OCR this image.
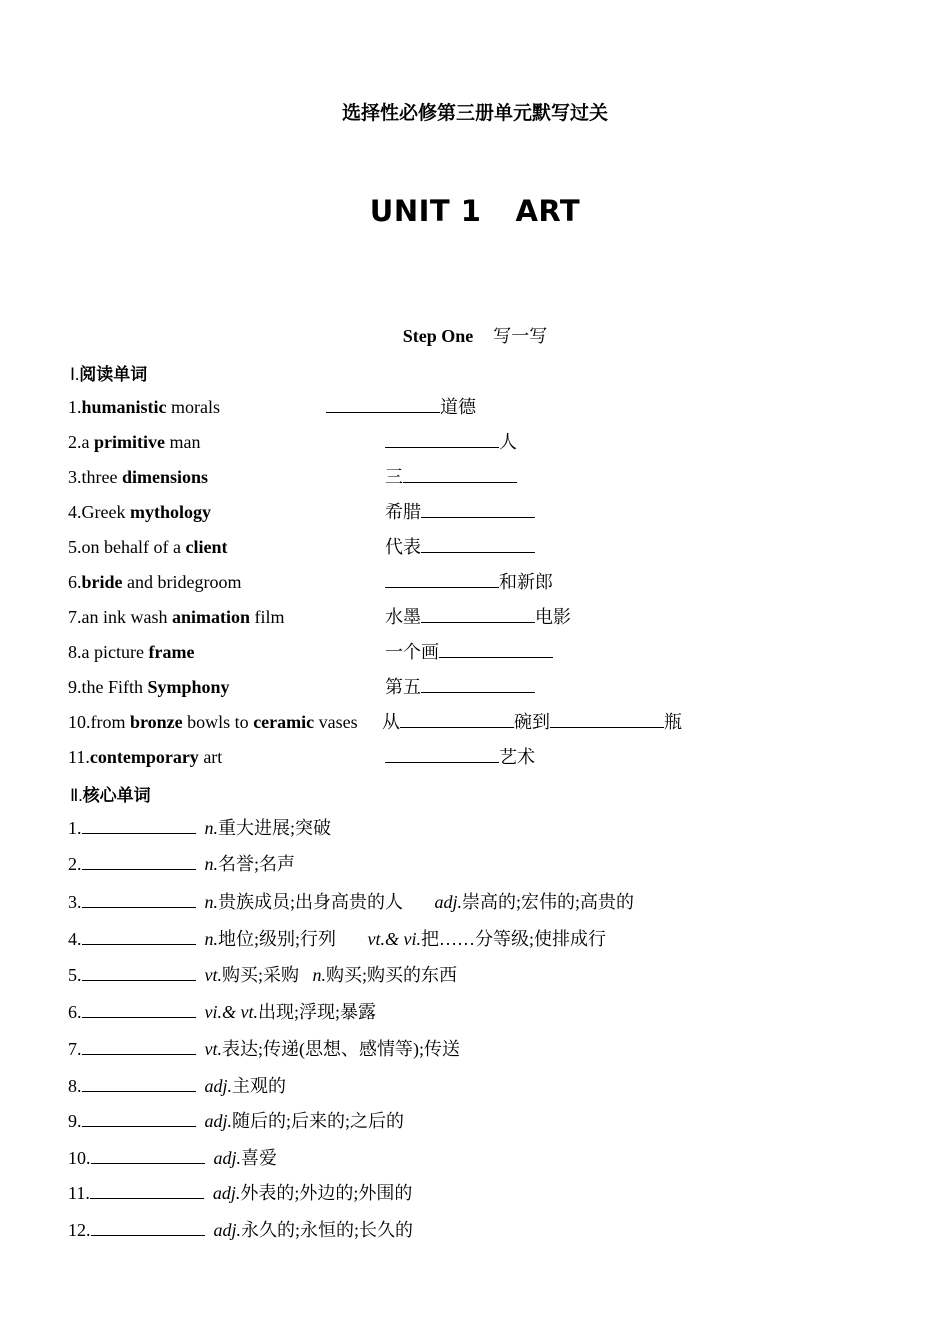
选择性必修第三册单元默写过关
UNIT 1 ART
Step One 写一写
Ⅰ.阅读单词
1.humanistic morals	道德
2.a primitive man	人
3.three dimensions	三
4.Greek mythology	希腊
5.on behalf of a client	代表
6.bride and bridegroom	和新郎
7.an ink wash animation film	水墨	电影
8.a picture frame	一个画
9.the Fifth Symphony	第五
10.from bronze bowls to ceramic vases 从	碗到	瓶
11.contemporary art	艺术
Ⅱ.核心单词
1.	n.重大进展;突破
2.	n.名誉;名声
3.	n.贵族成员;出身高贵的人 adj.崇高的;宏伟的;高贵的
4.	n.地位;级别;行列 vt.& vi.把……分等级;使排成行
5.	vt.购买;采购 n.购买;购买的东西
6.	vi.& vt.出现;浮现;暴露
7.	vt.表达;传递(思想、感情等);传送
8.	adj.主观的
9.	adj.随后的;后来的;之后的
10.	adj.喜爱
11.	adj.外表的;外边的;外围的
12.	adj.永久的;永恒的;长久的
